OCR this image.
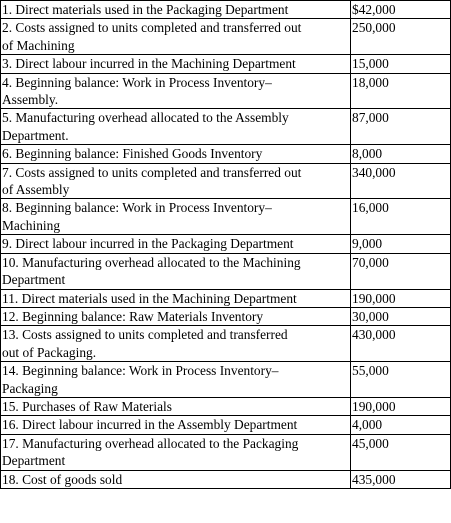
1. Direct materials used in the Packaging Department	$42,000

2. Costs assigned to units completed and transferred out
of Machining	250,000

3. Direct labour incurred in the Machining Department	15,000

4. Beginning balance: Work in Process Inventory–
Assembly.	18,000

5. Manufacturing overhead allocated to the Assembly
Department.	87,000

6. Beginning balance: Finished Goods Inventory	8,000

7. Costs assigned to units completed and transferred out
of Assembly	340,000

8. Beginning balance: Work in Process Inventory–
Machining	16,000

9. Direct labour incurred in the Packaging Department	9,000

10. Manufacturing overhead allocated to the Machining
Department	70,000

11. Direct materials used in the Machining Department	190,000

12. Beginning balance: Raw Materials Inventory	30,000

13. Costs assigned to units completed and transferred
out of Packaging.	430,000

14. Beginning balance: Work in Process Inventory–
Packaging	55,000

15. Purchases of Raw Materials	190,000

16. Direct labour incurred in the Assembly Department	4,000

17. Manufacturing overhead allocated to the Packaging
Department	45,000

18. Cost of goods sold	435,000
